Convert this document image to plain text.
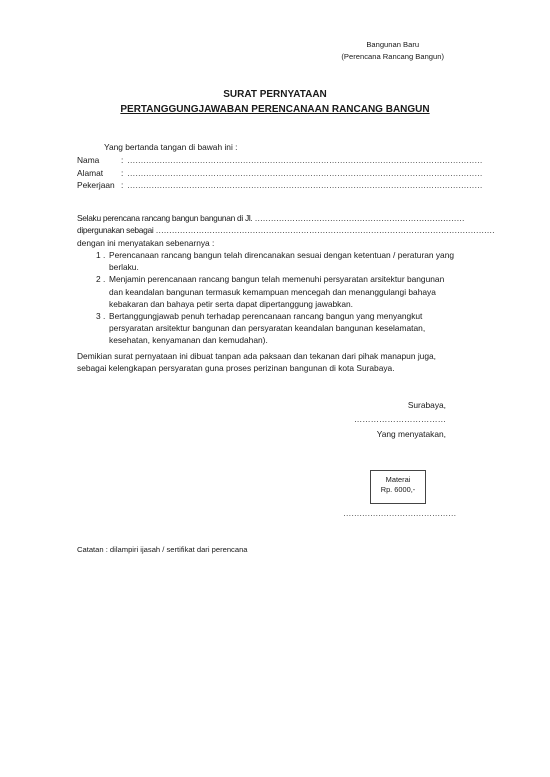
Bangunan Baru
(Perencana Rancang Bangun)
SURAT PERNYATAAN
PERTANGGUNGJAWABAN PERENCANAAN RANCANG BANGUN
Yang bertanda tangan di bawah ini :
Nama	: ……………………………………………………………………………………………………………………
Alamat	: ……………………………………………………………………………………………………………………
Pekerjaan : ……………………………………………………………………………………………………………………
Selaku perencana rancang bangun bangunan di Jl. ……………………………………………………………………
dipergunakan sebagai ………………………………………………………………………………………………………………
dengan ini menyatakan sebenarnya :
1 . Perencanaan rancang bangun telah direncanakan sesuai dengan ketentuan / peraturan yang berlaku.
2 . Menjamin perencanaan rancang bangun telah memenuhi persyaratan arsitektur bangunan dan keandalan bangunan termasuk kemampuan mencegah dan menanggulangi bahaya kebakaran dan bahaya petir serta dapat dipertanggung jawabkan.
3 . Bertanggungjawab penuh terhadap perencanaan rancang bangun yang menyangkut persyaratan arsitektur bangunan dan persyaratan keandalan bangunan keselamatan, kesehatan, kenyamanan dan kemudahan).
Demikian surat pernyataan ini dibuat tanpan ada paksaan dan tekanan dari pihak manapun juga, sebagai kelengkapan persyaratan guna proses perizinan bangunan di kota Surabaya.
Surabaya, ……………………………
Yang menyatakan,
Materai
Rp. 6000,-
……………………………………
Catatan : dilampiri ijasah / sertifikat dari perencana
